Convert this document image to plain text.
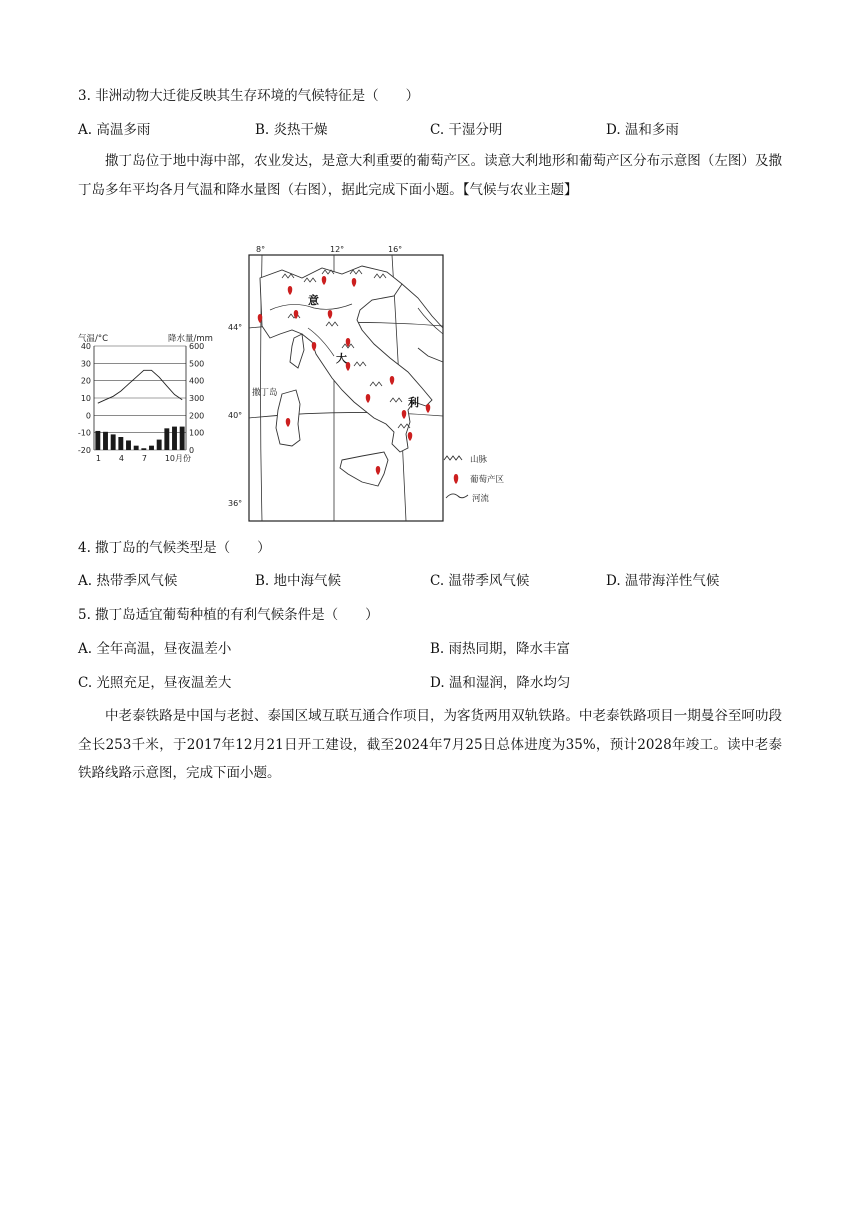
3. 非洲动物大迁徙反映其生存环境的气候特征是（　　）
A. 高温多雨	B. 炎热干燥	C. 干湿分明	D. 温和多雨
撒丁岛位于地中海中部，农业发达，是意大利重要的葡萄产区。读意大利地形和葡萄产区分布示意图（左图）及撒丁岛多年平均各月气温和降水量图（右图），据此完成下面小题。【气候与农业主题】
气温/°C	降水量/mm
40	600
30	500
20	400
10	300
0	200
-10	100
-20	0
1 4 7 10月份
8°	12°	16°
44°
40°
36°
意
大
利
撒丁岛
山脉
葡萄产区
河流
4. 撒丁岛的气候类型是（　　）
A. 热带季风气候	B. 地中海气候	C. 温带季风气候	D. 温带海洋性气候
5. 撒丁岛适宜葡萄种植的有利气候条件是（　　）
A. 全年高温，昼夜温差小	B. 雨热同期，降水丰富
C. 光照充足，昼夜温差大	D. 温和湿润，降水均匀
中老泰铁路是中国与老挝、泰国区域互联互通合作项目，为客货两用双轨铁路。中老泰铁路项目一期曼谷至呵叻段全长253千米，于2017年12月21日开工建设，截至2024年7月25日总体进度为35%，预计2028年竣工。读中老泰铁路线路示意图，完成下面小题。
